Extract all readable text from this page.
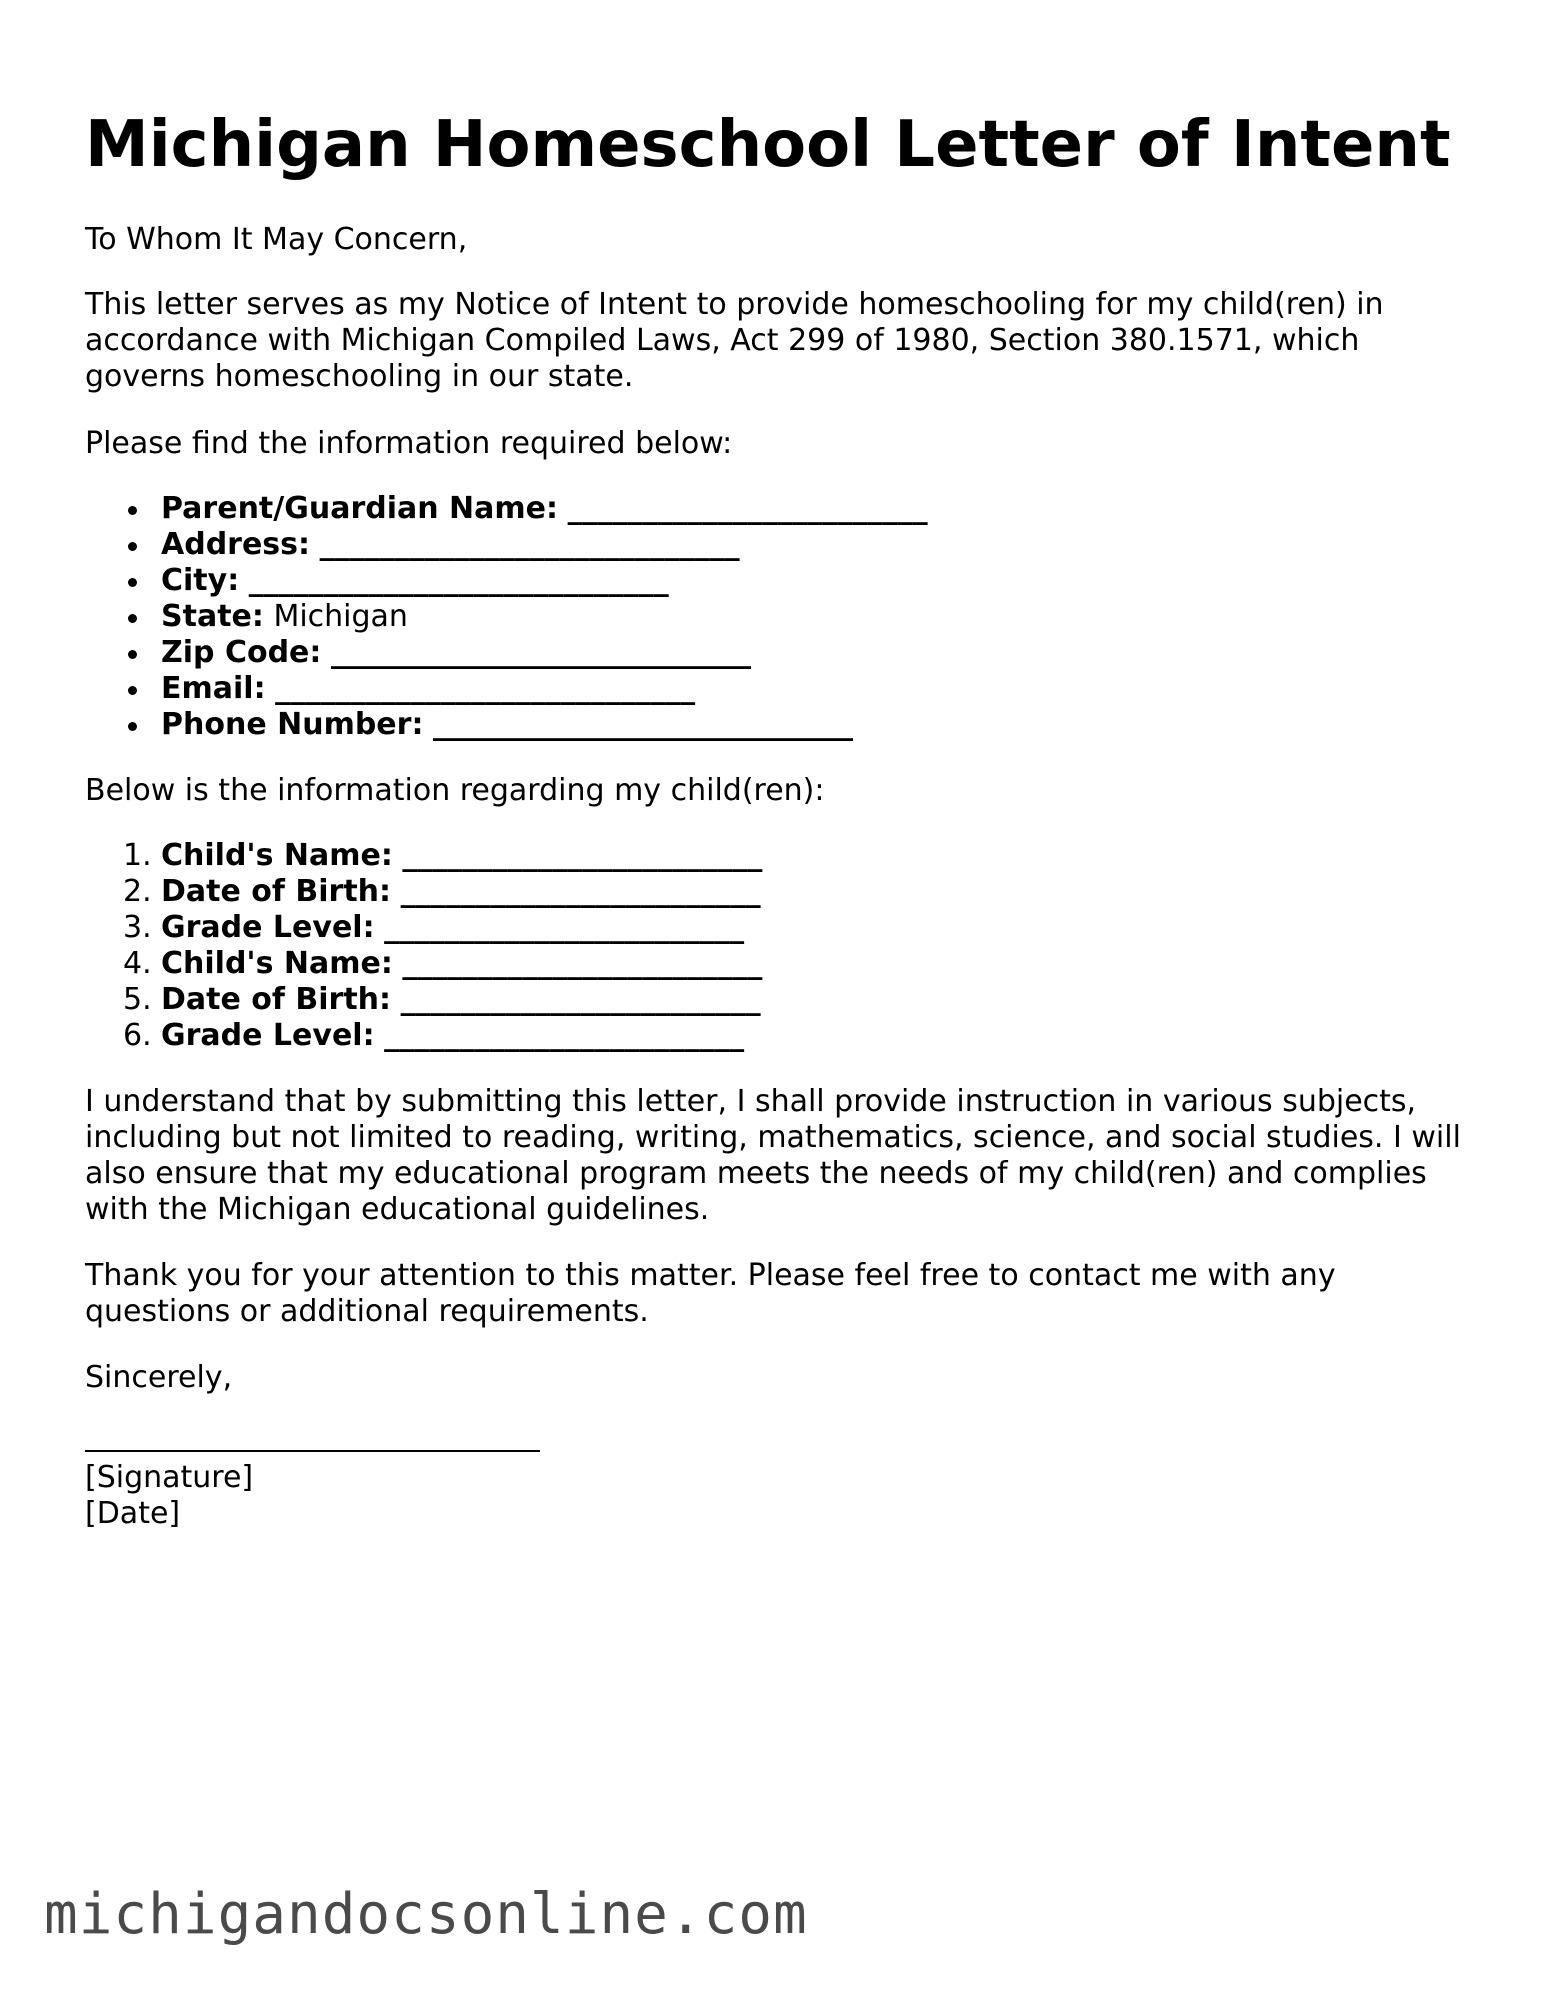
Michigan Homeschool Letter of Intent

To Whom It May Concern,

This letter serves as my Notice of Intent to provide homeschooling for my child(ren) in accordance with Michigan Compiled Laws, Act 299 of 1980, Section 380.1571, which governs homeschooling in our state.

Please find the information required below:

Parent/Guardian Name: ________________________
Address: ____________________________
City: ____________________________
State: Michigan
Zip Code: ____________________________
Email: ____________________________
Phone Number: ____________________________

Below is the information regarding my child(ren):

1. Child's Name: ________________________
2. Date of Birth: ________________________
3. Grade Level: ________________________
4. Child's Name: ________________________
5. Date of Birth: ________________________
6. Grade Level: ________________________

I understand that by submitting this letter, I shall provide instruction in various subjects, including but not limited to reading, writing, mathematics, science, and social studies. I will also ensure that my educational program meets the needs of my child(ren) and complies with the Michigan educational guidelines.

Thank you for your attention to this matter. Please feel free to contact me with any questions or additional requirements.

Sincerely,

[Signature]

[Date]

michigandocsonline.com
